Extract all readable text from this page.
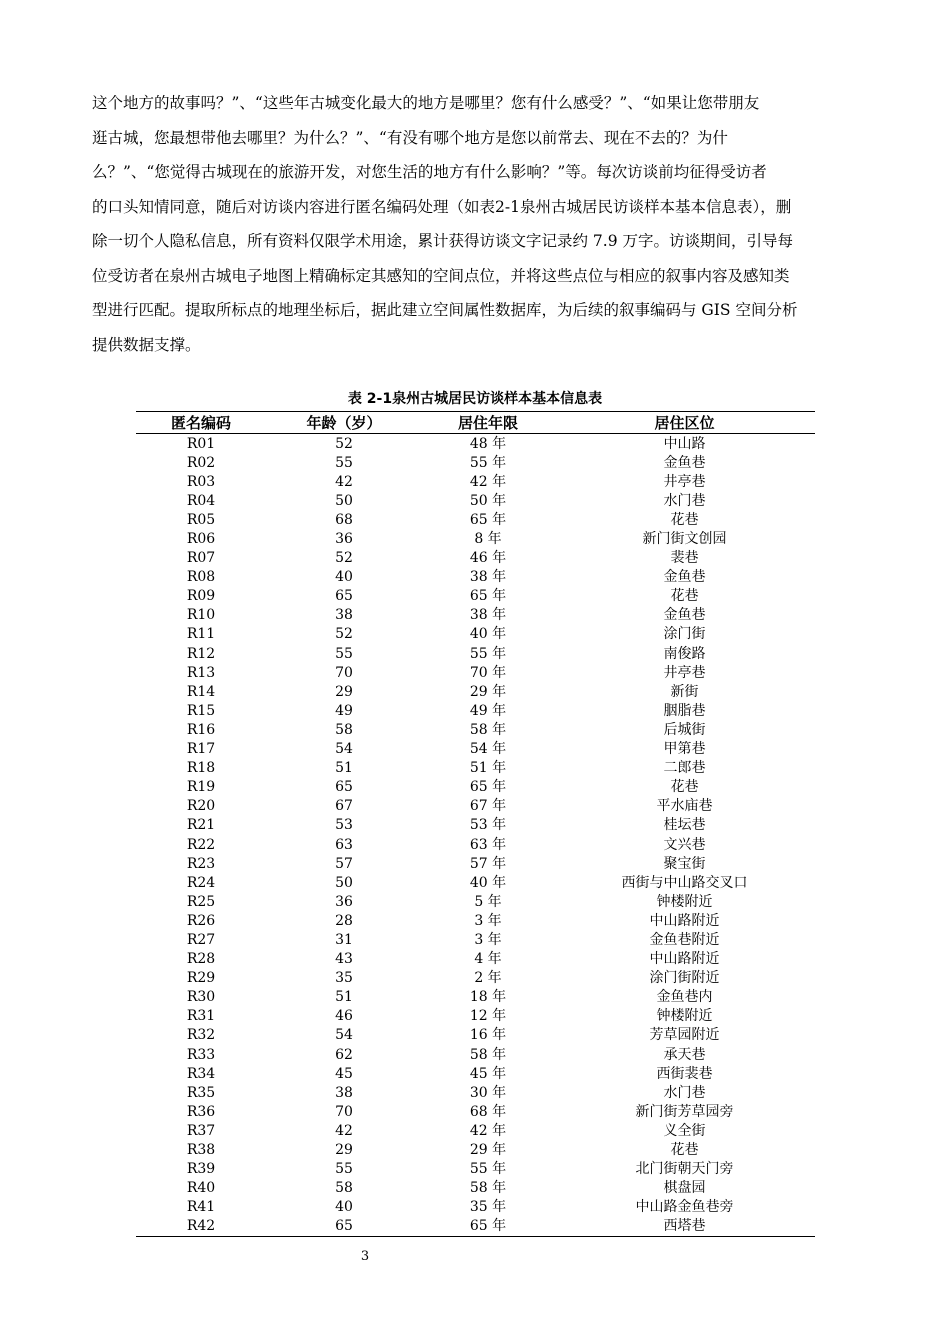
这个地方的故事吗？”、“这些年古城变化最大的地方是哪里？您有什么感受？”、“如果让您带朋友
逛古城，您最想带他去哪里？为什么？”、“有没有哪个地方是您以前常去、现在不去的？为什
么？”、“您觉得古城现在的旅游开发，对您生活的地方有什么影响？”等。每次访谈前均征得受访者
的口头知情同意，随后对访谈内容进行匿名编码处理（如表2-1泉州古城居民访谈样本基本信息表），删
除一切个人隐私信息，所有资料仅限学术用途，累计获得访谈文字记录约 7.9 万字。访谈期间，引导每
位受访者在泉州古城电子地图上精确标定其感知的空间点位，并将这些点位与相应的叙事内容及感知类
型进行匹配。提取所标点的地理坐标后，据此建立空间属性数据库，为后续的叙事编码与 GIS 空间分析
提供数据支撑。
表 2-1泉州古城居民访谈样本基本信息表
匿名编码	年龄（岁）	居住年限	居住区位
R01	52	48 年	中山路
R02	55	55 年	金鱼巷
R03	42	42 年	井亭巷
R04	50	50 年	水门巷
R05	68	65 年	花巷
R06	36	8 年	新门街文创园
R07	52	46 年	裴巷
R08	40	38 年	金鱼巷
R09	65	65 年	花巷
R10	38	38 年	金鱼巷
R11	52	40 年	涂门街
R12	55	55 年	南俊路
R13	70	70 年	井亭巷
R14	29	29 年	新街
R15	49	49 年	胭脂巷
R16	58	58 年	后城街
R17	54	54 年	甲第巷
R18	51	51 年	二郎巷
R19	65	65 年	花巷
R20	67	67 年	平水庙巷
R21	53	53 年	桂坛巷
R22	63	63 年	文兴巷
R23	57	57 年	聚宝街
R24	50	40 年	西街与中山路交叉口
R25	36	5 年	钟楼附近
R26	28	3 年	中山路附近
R27	31	3 年	金鱼巷附近
R28	43	4 年	中山路附近
R29	35	2 年	涂门街附近
R30	51	18 年	金鱼巷内
R31	46	12 年	钟楼附近
R32	54	16 年	芳草园附近
R33	62	58 年	承天巷
R34	45	45 年	西街裴巷
R35	38	30 年	水门巷
R36	70	68 年	新门街芳草园旁
R37	42	42 年	义全街
R38	29	29 年	花巷
R39	55	55 年	北门街朝天门旁
R40	58	58 年	棋盘园
R41	40	35 年	中山路金鱼巷旁
R42	65	65 年	西塔巷
3
